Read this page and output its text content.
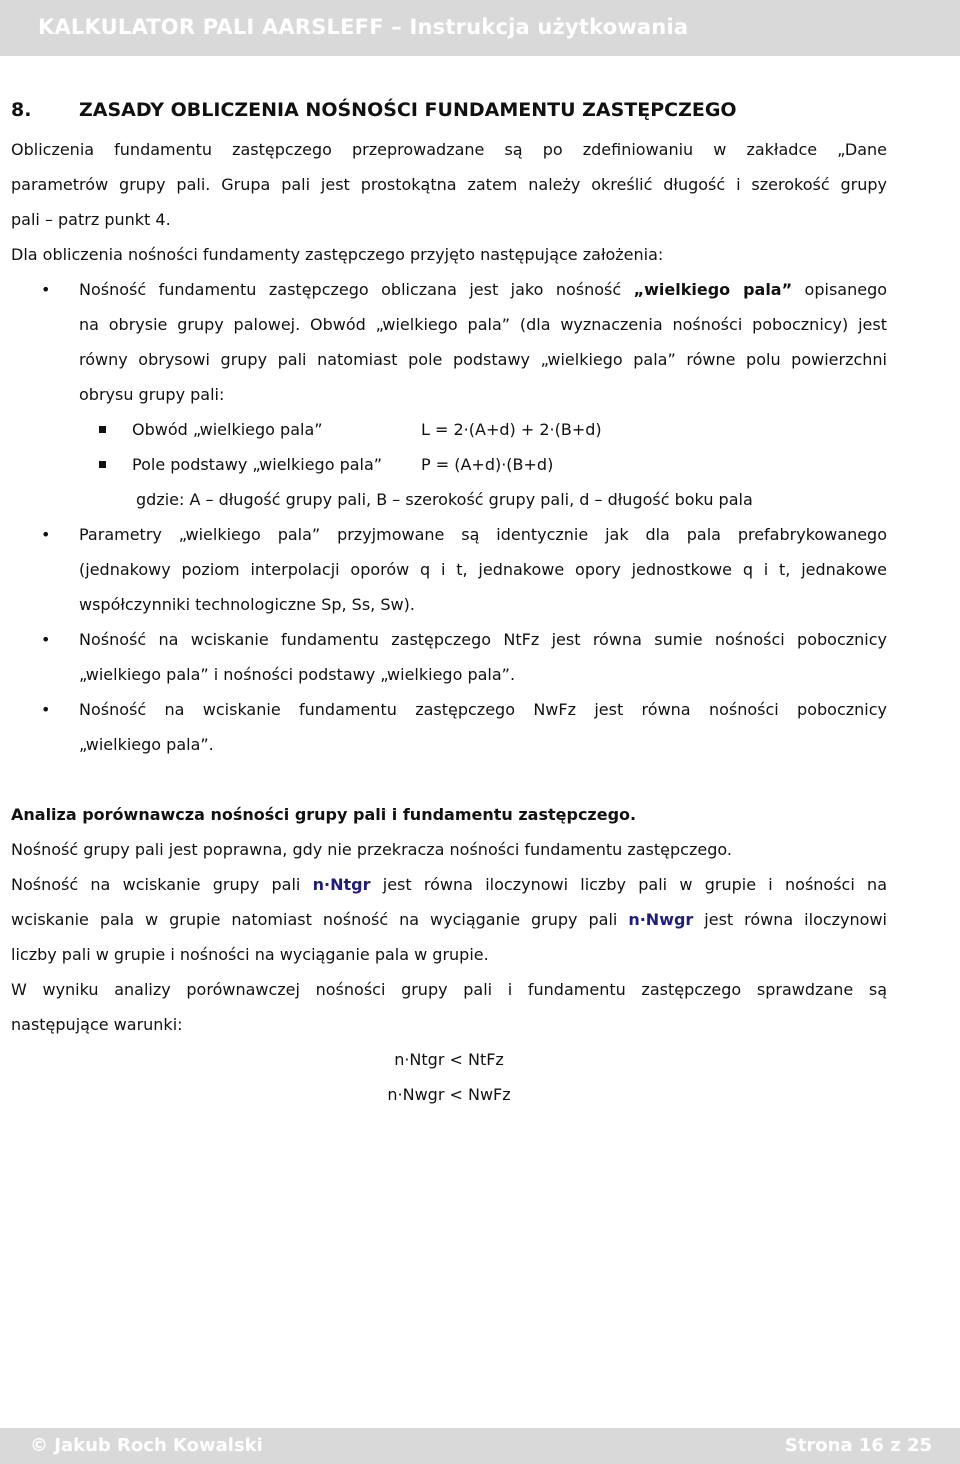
KALKULATOR PALI AARSLEFF – Instrukcja użytkowania
8.	ZASADY OBLICZENIA NOŚNOŚCI FUNDAMENTU ZASTĘPCZEGO
Obliczenia fundamentu zastępczego przeprowadzane są po zdefiniowaniu w zakładce „Dane
parametrów grupy pali. Grupa pali jest prostokątna zatem należy określić długość i szerokość grupy
pali – patrz punkt 4.
Dla obliczenia nośności fundamenty zastępczego przyjęto następujące założenia:
• Nośność fundamentu zastępczego obliczana jest jako nośność „wielkiego pala” opisanego
na obrysie grupy palowej. Obwód „wielkiego pala” (dla wyznaczenia nośności pobocznicy) jest
równy obrysowi grupy pali natomiast pole podstawy „wielkiego pala” równe polu powierzchni
obrysu grupy pali:
Obwód „wielkiego pala”	L = 2·(A+d) + 2·(B+d)
Pole podstawy „wielkiego pala” P = (A+d)·(B+d)
gdzie: A – długość grupy pali, B – szerokość grupy pali, d – długość boku pala
• Parametry „wielkiego pala” przyjmowane są identycznie jak dla pala prefabrykowanego
(jednakowy poziom interpolacji oporów q i t, jednakowe opory jednostkowe q i t, jednakowe
współczynniki technologiczne Sp, Ss, Sw).
• Nośność na wciskanie fundamentu zastępczego NtFz jest równa sumie nośności pobocznicy
„wielkiego pala” i nośności podstawy „wielkiego pala”.
• Nośność na wciskanie fundamentu zastępczego NwFz jest równa nośności pobocznicy
„wielkiego pala”.
Analiza porównawcza nośności grupy pali i fundamentu zastępczego.
Nośność grupy pali jest poprawna, gdy nie przekracza nośności fundamentu zastępczego.
Nośność na wciskanie grupy pali n·Ntgr jest równa iloczynowi liczby pali w grupie i nośności na
wciskanie pala w grupie natomiast nośność na wyciąganie grupy pali n·Nwgr jest równa iloczynowi
liczby pali w grupie i nośności na wyciąganie pala w grupie.
W wyniku analizy porównawczej nośności grupy pali i fundamentu zastępczego sprawdzane są
następujące warunki:
n·Ntgr < NtFz
n·Nwgr < NwFz
© Jakub Roch Kowalski	Strona 16 z 25
